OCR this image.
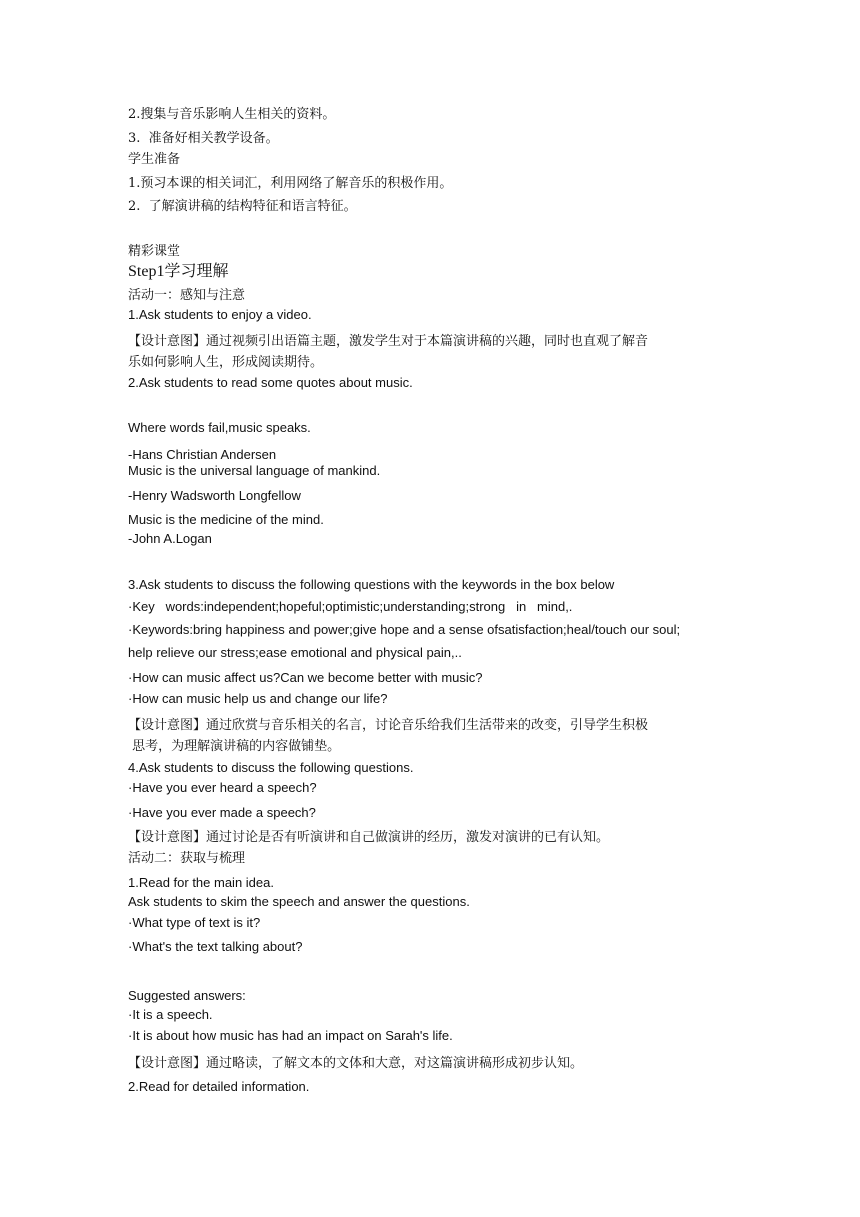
2.搜集与音乐影响人生相关的资料。
3.  准备好相关教学设备。
学生准备
1.预习本课的相关词汇，利用网络了解音乐的积极作用。
2.  了解演讲稿的结构特征和语言特征。
精彩课堂
Step1学习理解
活动一：感知与注意
1.Ask students to enjoy a video.
【设计意图】通过视频引出语篇主题，激发学生对于本篇演讲稿的兴趣，同时也直观了解音
乐如何影响人生，形成阅读期待。
2.Ask students to read some quotes about music.
Where words fail,music speaks.
-Hans Christian Andersen
Music is the universal language of mankind.
-Henry Wadsworth Longfellow
Music is the medicine of the mind.
-John A.Logan
3.Ask students to discuss the following questions with the keywords in the box below
·Key   words:independent;hopeful;optimistic;understanding;strong   in   mind,.
·Keywords:bring happiness and power;give hope and a sense ofsatisfaction;heal/touch our soul;
help relieve our stress;ease emotional and physical pain,..
·How can music affect us?Can we become better with music?
·How can music help us and change our life?
【设计意图】通过欣赏与音乐相关的名言，讨论音乐给我们生活带来的改变，引导学生积极
思考，为理解演讲稿的内容做铺垫。
4.Ask students to discuss the following questions.
·Have you ever heard a speech?
·Have you ever made a speech?
【设计意图】通过讨论是否有听演讲和自己做演讲的经历，激发对演讲的已有认知。
活动二：获取与梳理
1.Read for the main idea.
Ask students to skim the speech and answer the questions.
·What type of text is it?
·What's the text talking about?
Suggested answers:
·It is a speech.
·It is about how music has had an impact on Sarah's life.
【设计意图】通过略读，了解文本的文体和大意，对这篇演讲稿形成初步认知。
2.Read for detailed information.
